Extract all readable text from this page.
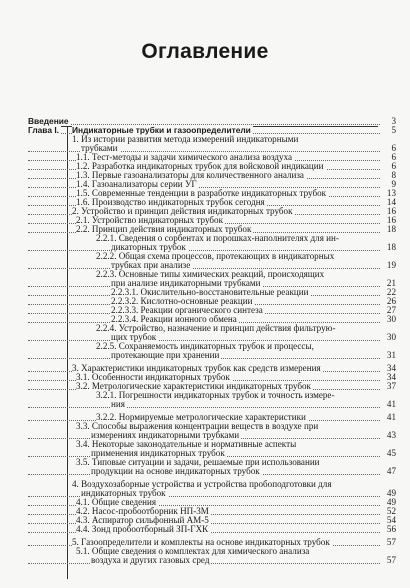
Оглавление
Введение	3
Глава I. Индикаторные трубки и газоопределители	5
1. Из истории развития метода измерений индикаторными
трубками	6
1.1. Тест-методы и задачи химического анализа воздуха	6
1.2. Разработка индикаторных трубок для войсковой индикации	6
1.3. Первые газоанализаторы для количественного анализа	8
1.4. Газоанализаторы серии УГ	9
1.5. Современные тенденции в разработке индикаторных трубок	13
1.6. Производство индикаторных трубок сегодня	14
2. Устройство и принцип действия индикаторных трубок	16
2.1. Устройство индикаторных трубок	16
2.2. Принцип действия индикаторных трубок	18
2.2.1. Сведения о сорбентах и порошках-наполнителях для ин-
дикаторных трубок	18
2.2.2. Общая схема процессов, протекающих в индикаторных
трубках при анализе	19
2.2.3. Основные типы химических реакций, происходящих
при анализе индикаторными трубками	21
2.2.3.1. Окислительно-восстановительные реакции	22
2.2.3.2. Кислотно-основные реакции	26
2.2.3.3. Реакции органического синтеза	27
2.2.3.4. Реакции ионного обмена	30
2.2.4. Устройство, назначение и принцип действия фильтрую-
щих трубок	30
2.2.5. Сохраняемость индикаторных трубок и процессы,
протекающие при хранении	31
3. Характеристики индикаторных трубок как средств измерения	34
3.1. Особенности индикаторных трубок	34
3.2. Метрологические характеристики индикаторных трубок	37
3.2.1. Погрешности индикаторных трубок и точность измере-
ния	41
3.2.2. Нормируемые метрологические характеристики	41
3.3. Способы выражения концентрации веществ в воздухе при
измерениях индикаторными трубками	43
3.4. Некоторые законодательные и нормативные аспекты
применения индикаторных трубок	45
3.5. Типовые ситуации и задачи, решаемые при использовании
продукции на основе индикаторных трубок	47
4. Воздухозаборные устройства и устройства пробоподготовки для
индикаторных трубок	49
4.1. Общие сведения	49
4.2. Насос-пробоотборник НП-3М	52
4.3. Аспиратор сильфонный АМ-5	54
4.4. Зонд пробоотборный ЗП-ГХК	56
5. Газоопределители и комплекты на основе индикаторных трубок	57
5.1. Общие сведения о комплектах для химического анализа
воздуха и других газовых сред	57
